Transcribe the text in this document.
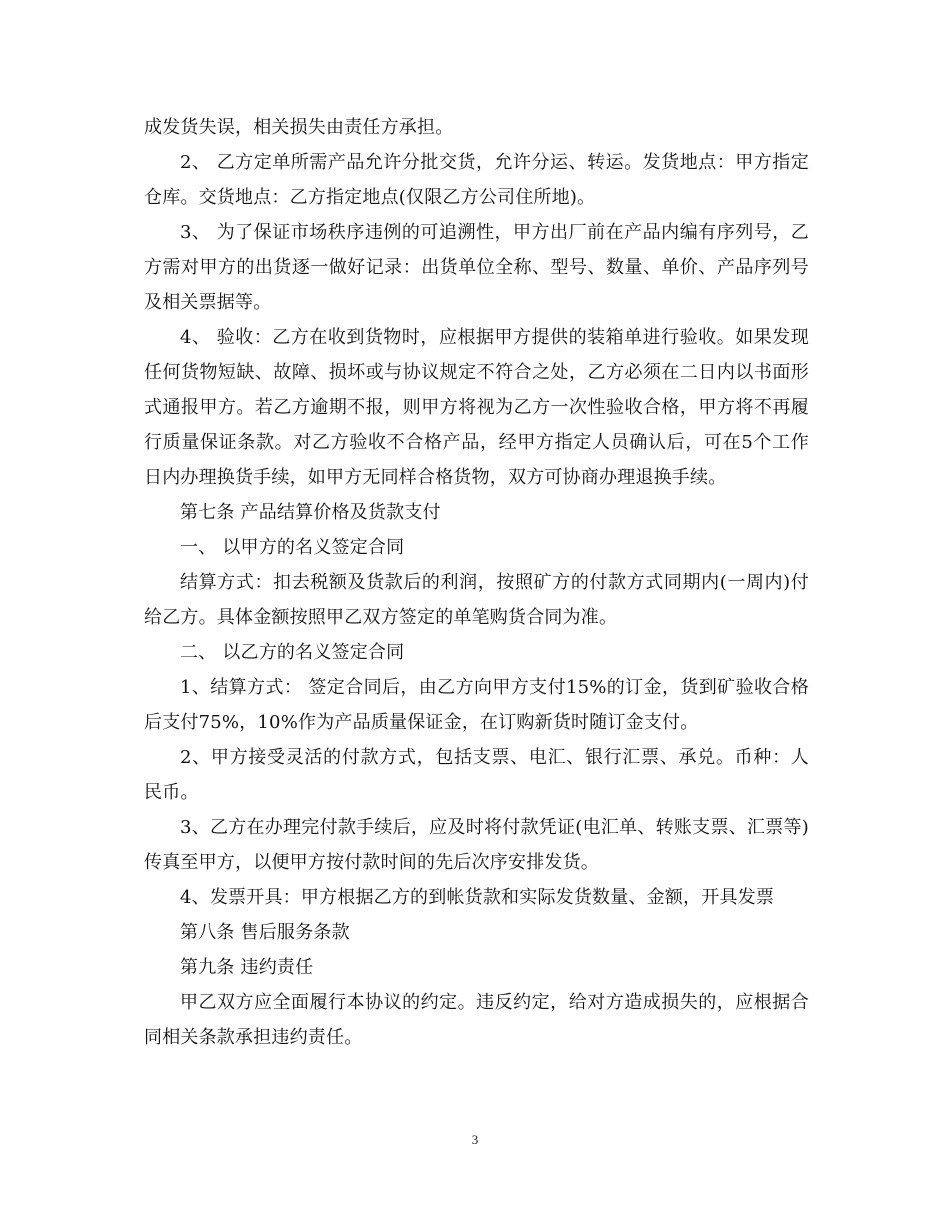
成发货失误，相关损失由责任方承担。

2、 乙方定单所需产品允许分批交货，允许分运、转运。发货地点：甲方指定仓库。交货地点：乙方指定地点(仅限乙方公司住所地)。

3、 为了保证市场秩序违例的可追溯性，甲方出厂前在产品内编有序列号，乙方需对甲方的出货逐一做好记录：出货单位全称、型号、数量、单价、产品序列号及相关票据等。

4、 验收：乙方在收到货物时，应根据甲方提供的装箱单进行验收。如果发现任何货物短缺、故障、损坏或与协议规定不符合之处，乙方必须在二日内以书面形式通报甲方。若乙方逾期不报，则甲方将视为乙方一次性验收合格，甲方将不再履行质量保证条款。对乙方验收不合格产品，经甲方指定人员确认后，可在5个工作日内办理换货手续，如甲方无同样合格货物，双方可协商办理退换手续。

第七条 产品结算价格及货款支付

一、 以甲方的名义签定合同

结算方式：扣去税额及货款后的利润，按照矿方的付款方式同期内(一周内)付给乙方。具体金额按照甲乙双方签定的单笔购货合同为准。

二、 以乙方的名义签定合同

1、结算方式： 签定合同后，由乙方向甲方支付15%的订金，货到矿验收合格后支付75%，10%作为产品质量保证金，在订购新货时随订金支付。

2、甲方接受灵活的付款方式，包括支票、电汇、银行汇票、承兑。币种：人民币。

3、乙方在办理完付款手续后，应及时将付款凭证(电汇单、转账支票、汇票等)传真至甲方，以便甲方按付款时间的先后次序安排发货。

4、发票开具：甲方根据乙方的到帐货款和实际发货数量、金额，开具发票

第八条 售后服务条款

第九条 违约责任

甲乙双方应全面履行本协议的约定。违反约定，给对方造成损失的，应根据合同相关条款承担违约责任。

3
